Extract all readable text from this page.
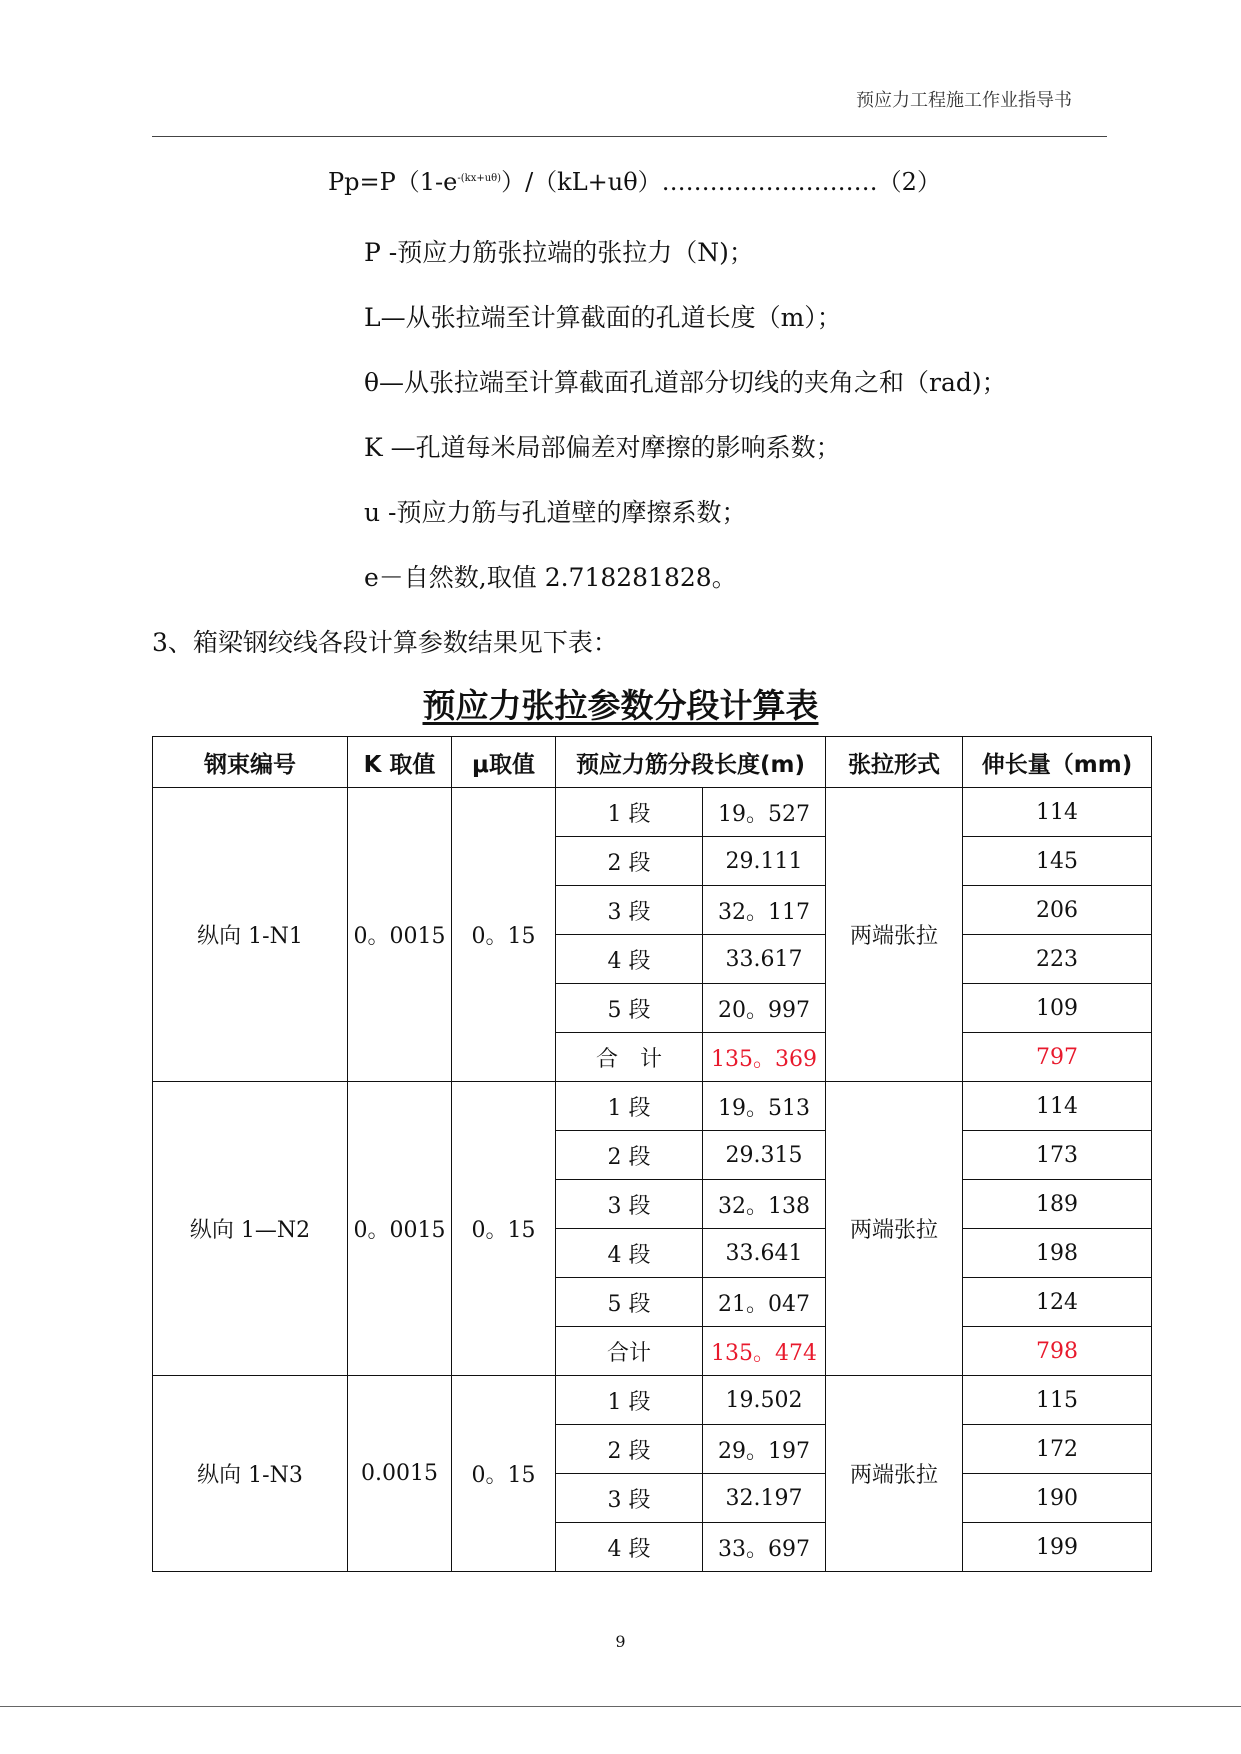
预应力工程施工作业指导书
$Pp=P(1-e^{-(kx+u\theta)})/(kL+u\theta)\dots\dots\dots\dots\dots\dots\dots\dots\dots(2)$
P -预应力筋张拉端的张拉力（N)；
L—从张拉端至计算截面的孔道长度（m）；
θ—从张拉端至计算截面孔道部分切线的夹角之和（rad)；
K —孔道每米局部偏差对摩擦的影响系数；
u -预应力筋与孔道壁的摩擦系数；
e－自然数,取值 2.718281828。
3、箱梁钢绞线各段计算参数结果见下表：
预应力张拉参数分段计算表
钢束编号	K 取值	μ取值	预应力筋分段长度(m)		张拉形式	伸长量（mm)
纵向 1-N1	0。0015	0。15	1 段	19。527	两端张拉	114
			2 段	29.111		145
			3 段	32。117		206
			4 段	33.617		223
			5 段	20。997		109
			合　计	135。369		797
纵向 1—N2	0。0015	0。15	1 段	19。513	两端张拉	114
			2 段	29.315		173
			3 段	32。138		189
			4 段	33.641		198
			5 段	21。047		124
			合计	135。474		798
纵向 1-N3	0.0015	0。15	1 段	19.502	两端张拉	115
			2 段	29。197		172
			3 段	32.197		190
			4 段	33。697		199
9
